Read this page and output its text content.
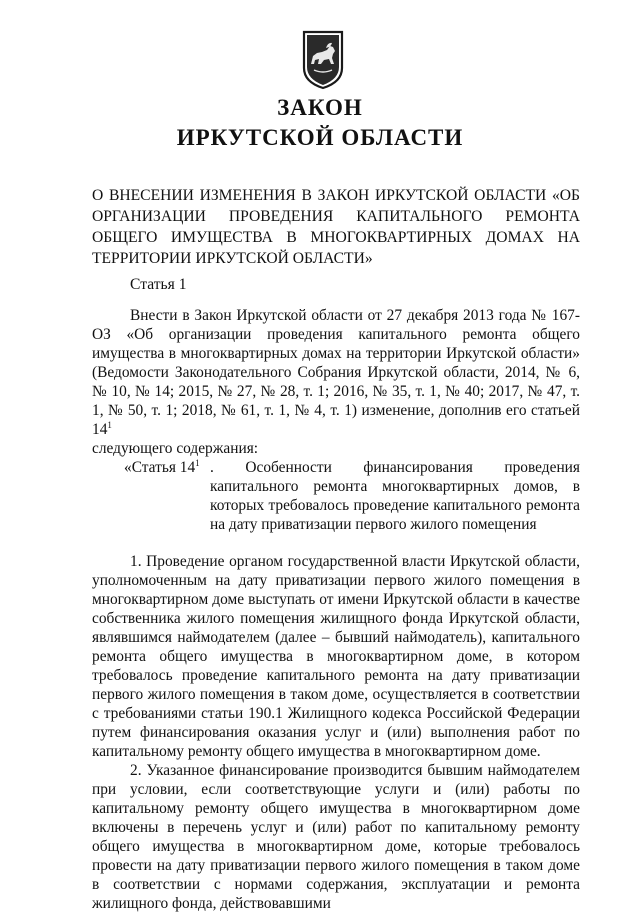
ЗАКОН
ИРКУТСКОЙ ОБЛАСТИ
О ВНЕСЕНИИ ИЗМЕНЕНИЯ В ЗАКОН ИРКУТСКОЙ ОБЛАСТИ «ОБ ОРГАНИЗАЦИИ ПРОВЕДЕНИЯ КАПИТАЛЬНОГО РЕМОНТА ОБЩЕГО ИМУЩЕСТВА В МНОГОКВАРТИРНЫХ ДОМАХ НА ТЕРРИТОРИИ ИРКУТСКОЙ ОБЛАСТИ»
Статья 1

Внести в Закон Иркутской области от 27 декабря 2013 года № 167-ОЗ «Об организации проведения капитального ремонта общего имущества в многоквартирных домах на территории Иркутской области» (Ведомости Законодательного Собрания Иркутской области, 2014, № 6, № 10, № 14; 2015, № 27, № 28, т. 1; 2016, № 35, т. 1, № 40; 2017, № 47, т. 1, № 50, т. 1; 2018, № 61, т. 1, № 4, т. 1) изменение, дополнив его статьей $14^1$

следующего содержания:

«Статья $14^1$ . Особенности финансирования проведения капитального ремонта многоквартирных домов, в которых требовалось проведение капитального ремонта на дату приватизации первого жилого помещения

1. Проведение органом государственной власти Иркутской области, уполномоченным на дату приватизации первого жилого помещения в многоквартирном доме выступать от имени Иркутской области в качестве собственника жилого помещения жилищного фонда Иркутской области, являвшимся наймодателем (далее – бывший наймодатель), капитального ремонта общего имущества в многоквартирном доме, в котором требовалось проведение капитального ремонта на дату приватизации первого жилого помещения в таком доме, осуществляется в соответствии с требованиями статьи 190.1 Жилищного кодекса Российской Федерации путем финансирования оказания услуг и (или) выполнения работ по капитальному ремонту общего имущества в многоквартирном доме.

2. Указанное финансирование производится бывшим наймодателем при условии, если соответствующие услуги и (или) работы по капитальному ремонту общего имущества в многоквартирном доме включены в перечень услуг и (или) работ по капитальному ремонту общего имущества в многоквартирном доме, которые требовалось провести на дату приватизации первого жилого помещения в таком доме в соответствии с нормами содержания, эксплуатации и ремонта жилищного фонда, действовавшими
